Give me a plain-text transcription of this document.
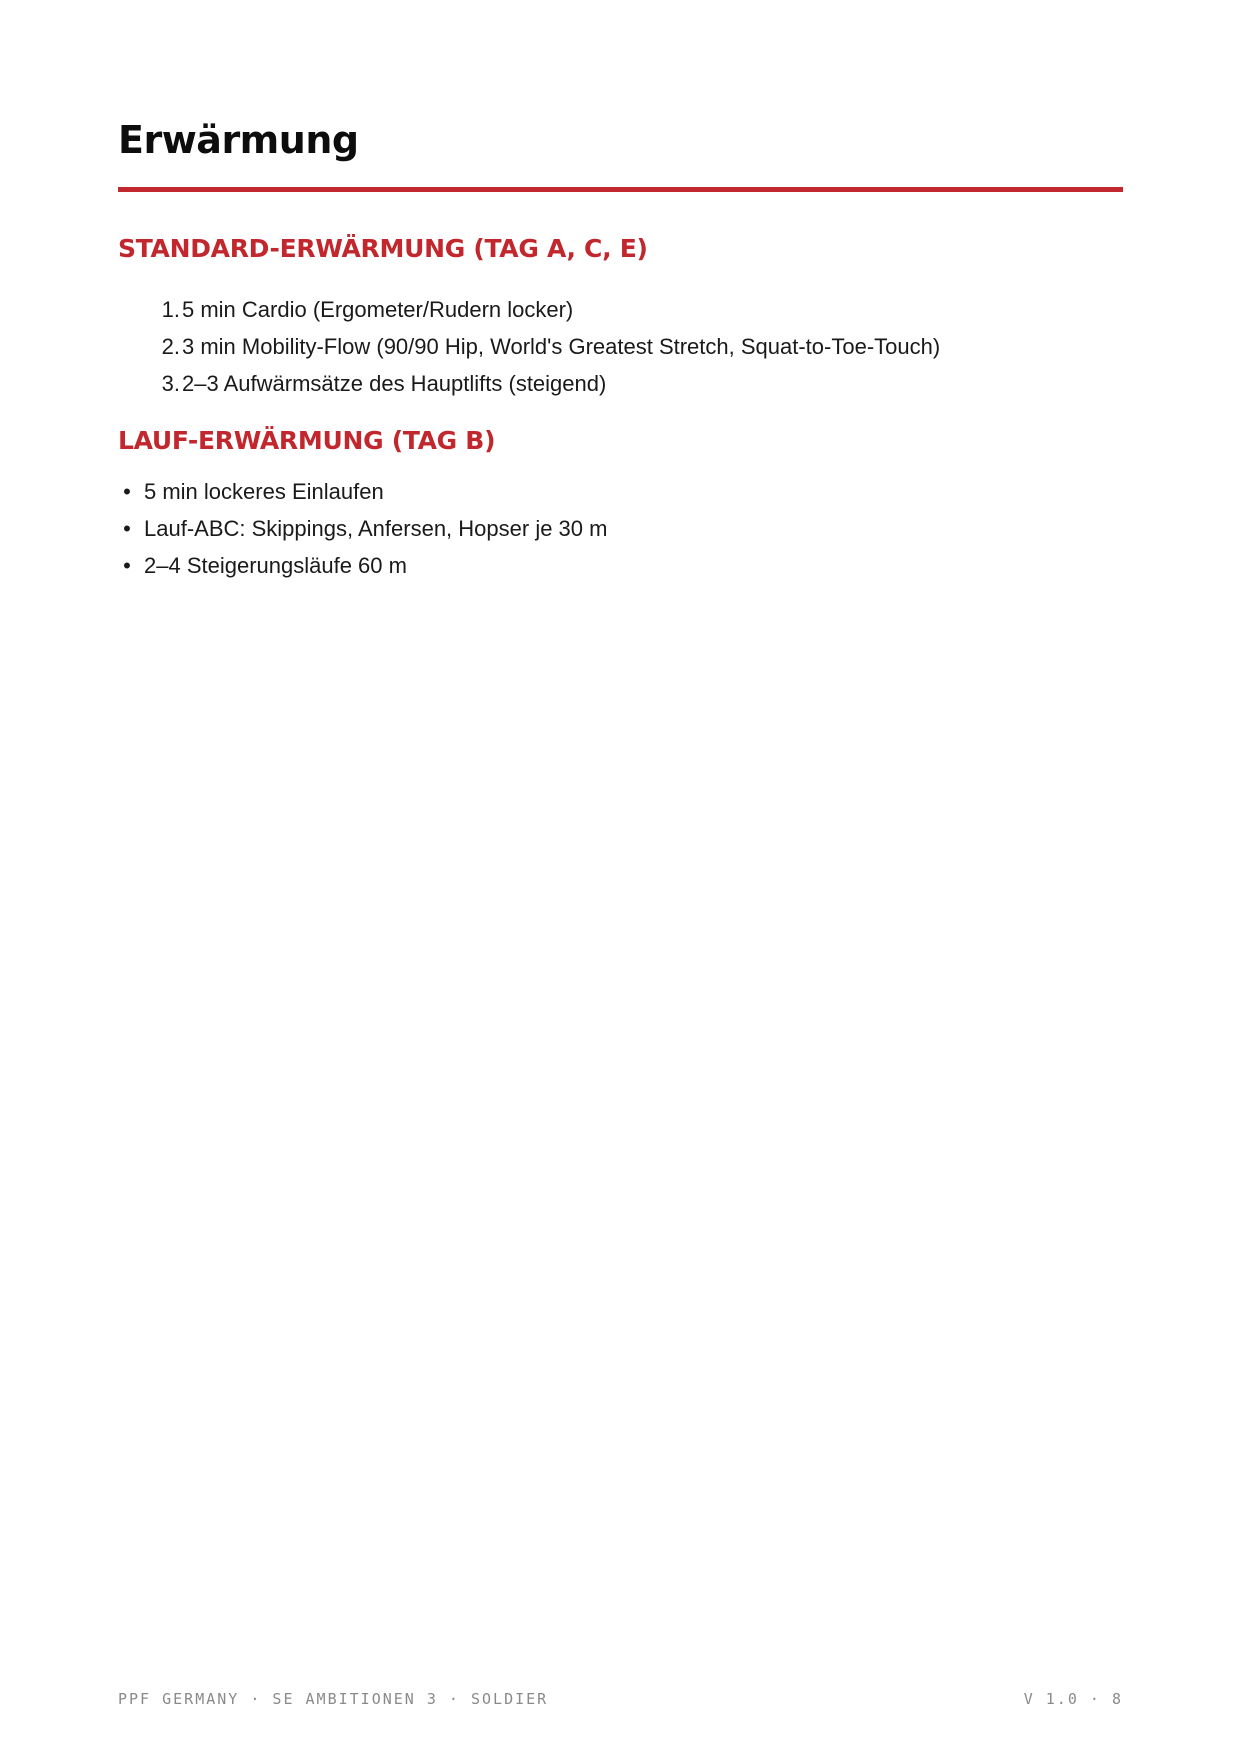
Erwärmung
STANDARD-ERWÄRMUNG (TAG A, C, E)
1. 5 min Cardio (Ergometer/Rudern locker)
2. 3 min Mobility-Flow (90/90 Hip, World's Greatest Stretch, Squat-to-Toe-Touch)
3. 2–3 Aufwärmsätze des Hauptlifts (steigend)
LAUF-ERWÄRMUNG (TAG B)
• 5 min lockeres Einlaufen
• Lauf-ABC: Skippings, Anfersen, Hopser je 30 m
• 2–4 Steigerungsläufe 60 m
PPF GERMANY · SE AMBITIONEN 3 · SOLDIER	V 1.0 · 8
